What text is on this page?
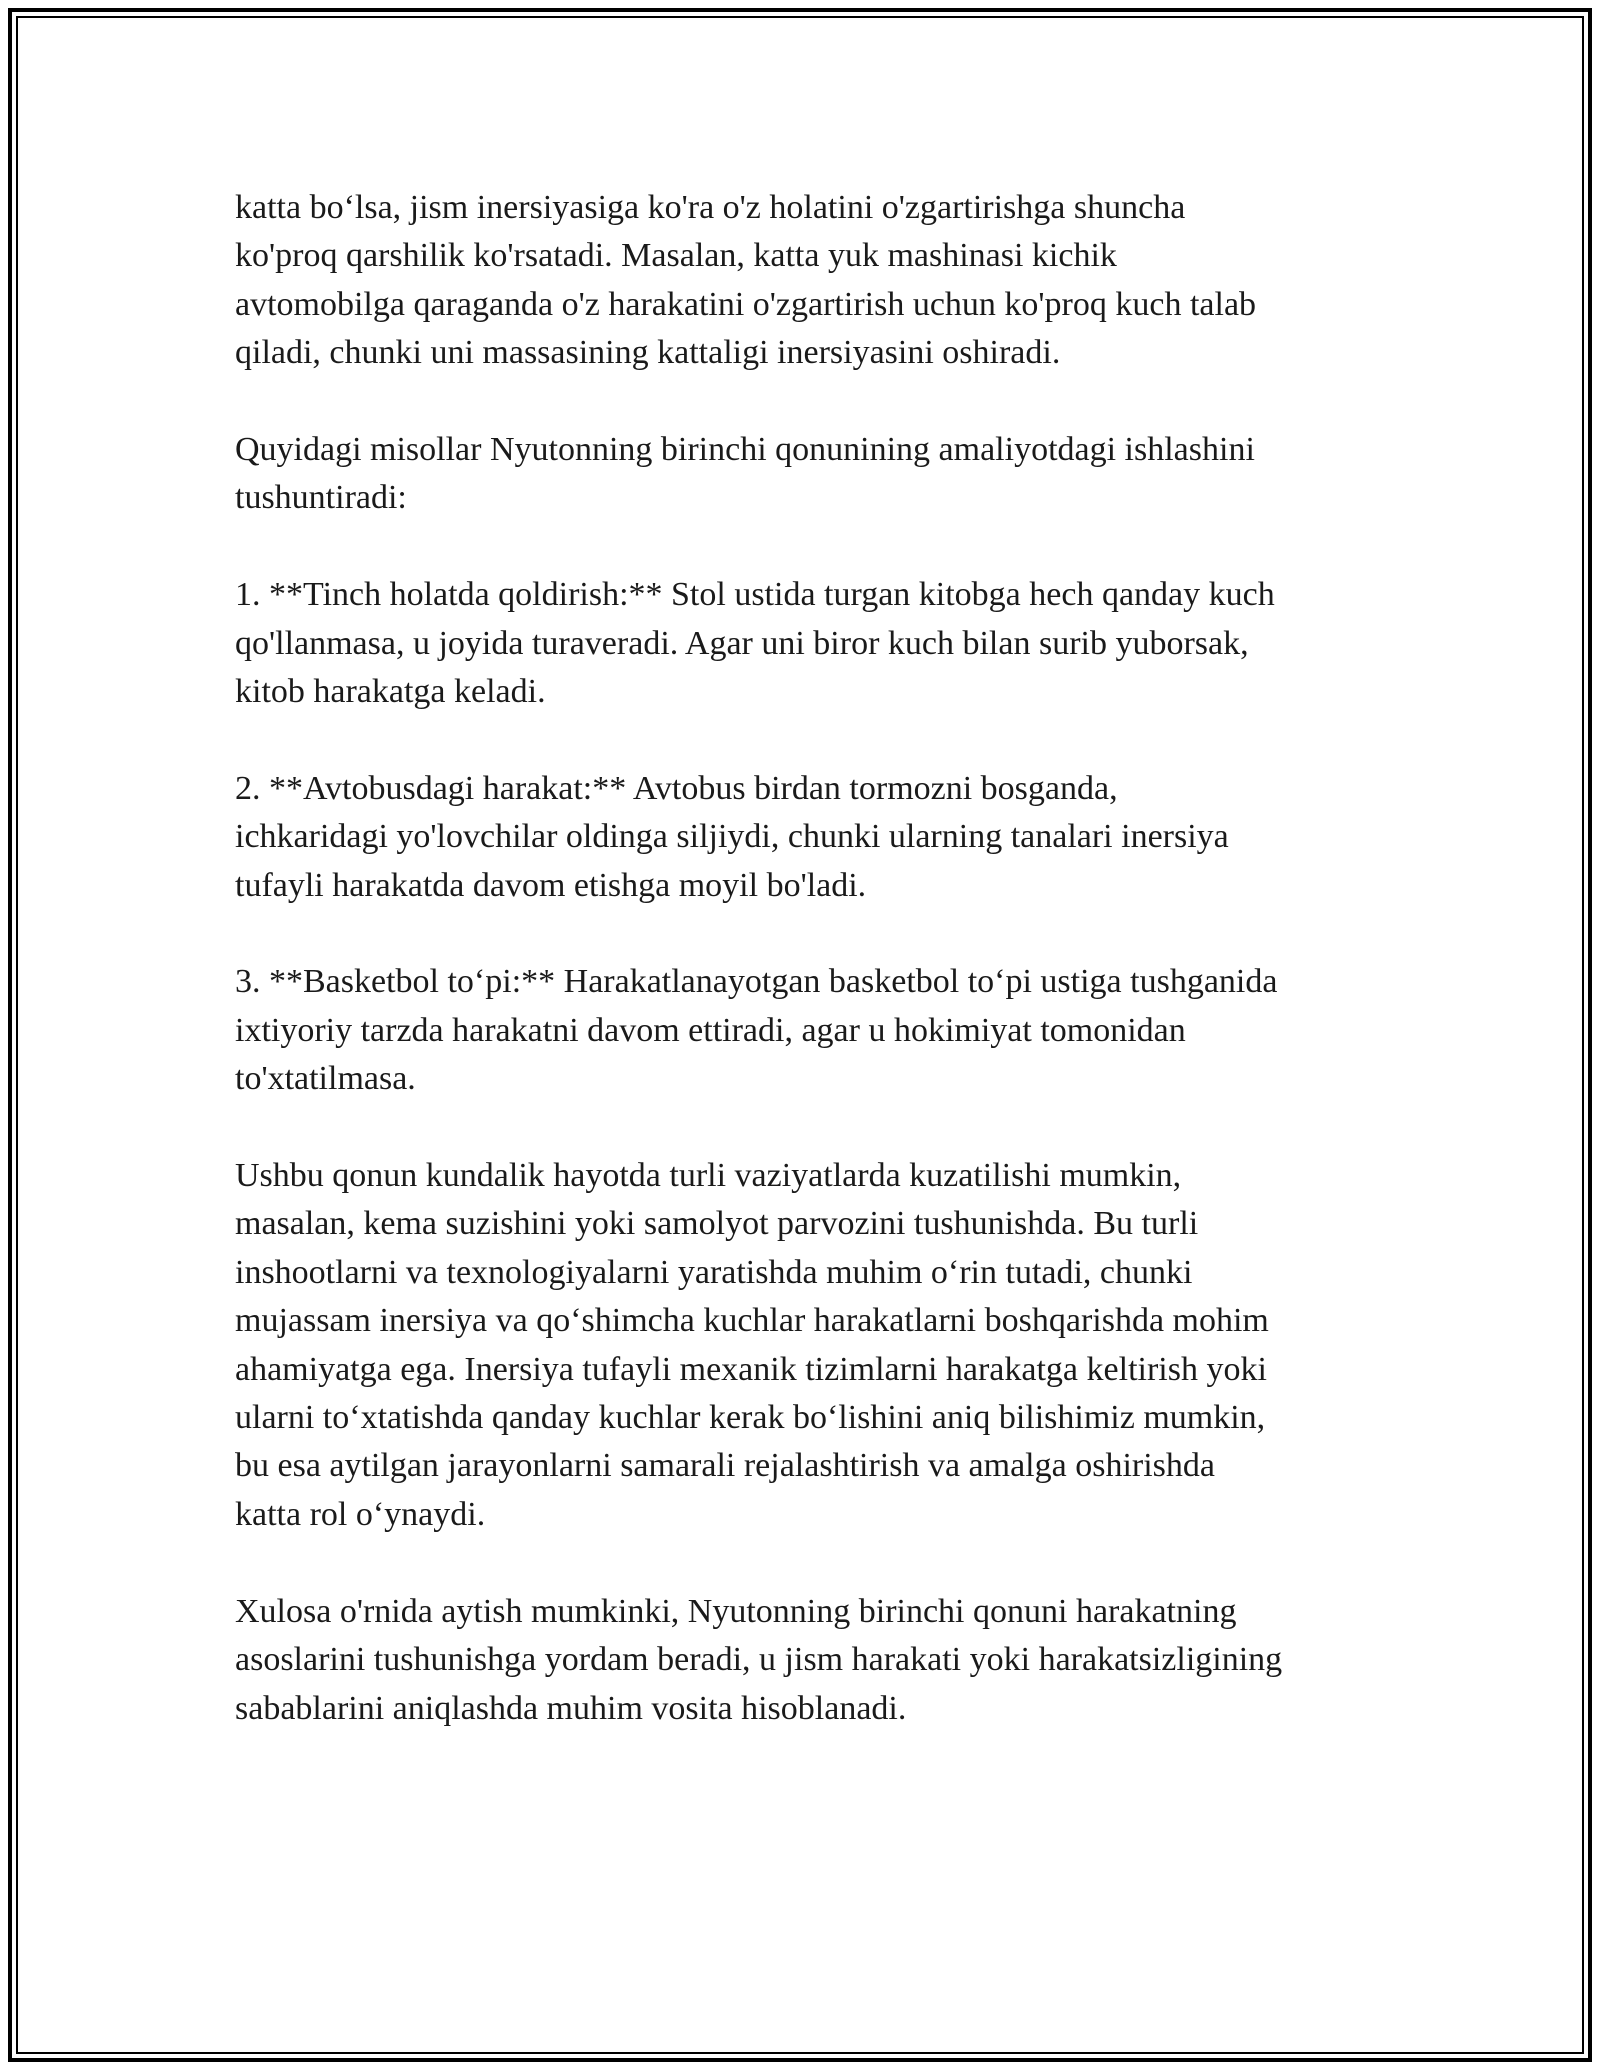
katta bo‘lsa, jism inersiyasiga ko'ra o'z holatini o'zgartirishga shuncha
ko'proq qarshilik ko'rsatadi. Masalan, katta yuk mashinasi kichik
avtomobilga qaraganda o'z harakatini o'zgartirish uchun ko'proq kuch talab
qiladi, chunki uni massasining kattaligi inersiyasini oshiradi.

Quyidagi misollar Nyutonning birinchi qonunining amaliyotdagi ishlashini
tushuntiradi:

1. **Tinch holatda qoldirish:** Stol ustida turgan kitobga hech qanday kuch
qo'llanmasa, u joyida turaveradi. Agar uni biror kuch bilan surib yuborsak,
kitob harakatga keladi.

2. **Avtobusdagi harakat:** Avtobus birdan tormozni bosganda,
ichkaridagi yo'lovchilar oldinga siljiydi, chunki ularning tanalari inersiya
tufayli harakatda davom etishga moyil bo'ladi.

3. **Basketbol to‘pi:** Harakatlanayotgan basketbol to‘pi ustiga tushganida
ixtiyoriy tarzda harakatni davom ettiradi, agar u hokimiyat tomonidan
to'xtatilmasa.

Ushbu qonun kundalik hayotda turli vaziyatlarda kuzatilishi mumkin,
masalan, kema suzishini yoki samolyot parvozini tushunishda. Bu turli
inshootlarni va texnologiyalarni yaratishda muhim o‘rin tutadi, chunki
mujassam inersiya va qo‘shimcha kuchlar harakatlarni boshqarishda mohim
ahamiyatga ega. Inersiya tufayli mexanik tizimlarni harakatga keltirish yoki
ularni to‘xtatishda qanday kuchlar kerak bo‘lishini aniq bilishimiz mumkin,
bu esa aytilgan jarayonlarni samarali rejalashtirish va amalga oshirishda
katta rol o‘ynaydi.

Xulosa o'rnida aytish mumkinki, Nyutonning birinchi qonuni harakatning
asoslarini tushunishga yordam beradi, u jism harakati yoki harakatsizligining
sabablarini aniqlashda muhim vosita hisoblanadi.
